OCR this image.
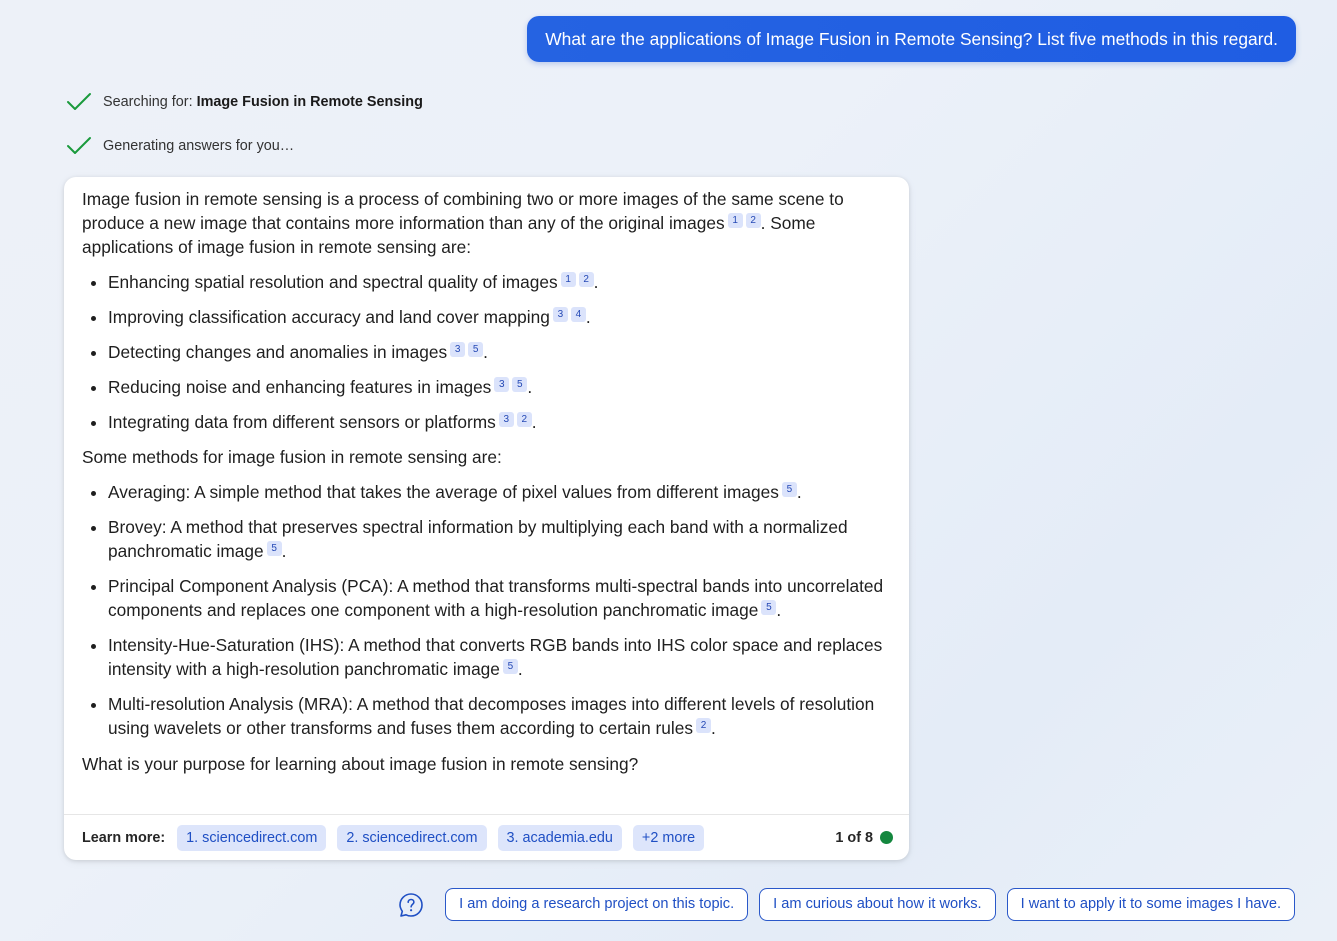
What are the applications of Image Fusion in Remote Sensing? List five methods in this regard.
Searching for: Image Fusion in Remote Sensing
Generating answers for you…

Image fusion in remote sensing is a process of combining two or more images of the same scene to produce a new image that contains more information than any of the original images 1 2 . Some applications of image fusion in remote sensing are:

• Enhancing spatial resolution and spectral quality of images 1 2 .
• Improving classification accuracy and land cover mapping 3 4 .
• Detecting changes and anomalies in images 3 5 .
• Reducing noise and enhancing features in images 3 5 .
• Integrating data from different sensors or platforms 3 2 .

Some methods for image fusion in remote sensing are:

• Averaging: A simple method that takes the average of pixel values from different images 5 .
• Brovey: A method that preserves spectral information by multiplying each band with a normalized panchromatic image 5 .
• Principal Component Analysis (PCA): A method that transforms multi-spectral bands into uncorrelated components and replaces one component with a high-resolution panchromatic image 5 .
• Intensity-Hue-Saturation (IHS): A method that converts RGB bands into IHS color space and replaces intensity with a high-resolution panchromatic image 5 .
• Multi-resolution Analysis (MRA): A method that decomposes images into different levels of resolution using wavelets or other transforms and fuses them according to certain rules 2 .

What is your purpose for learning about image fusion in remote sensing?

Learn more:	1. sciencedirect.com	2. sciencedirect.com	3. academia.edu	+2 more	1 of 8
I am doing a research project on this topic.	I am curious about how it works.	I want to apply it to some images I have.
